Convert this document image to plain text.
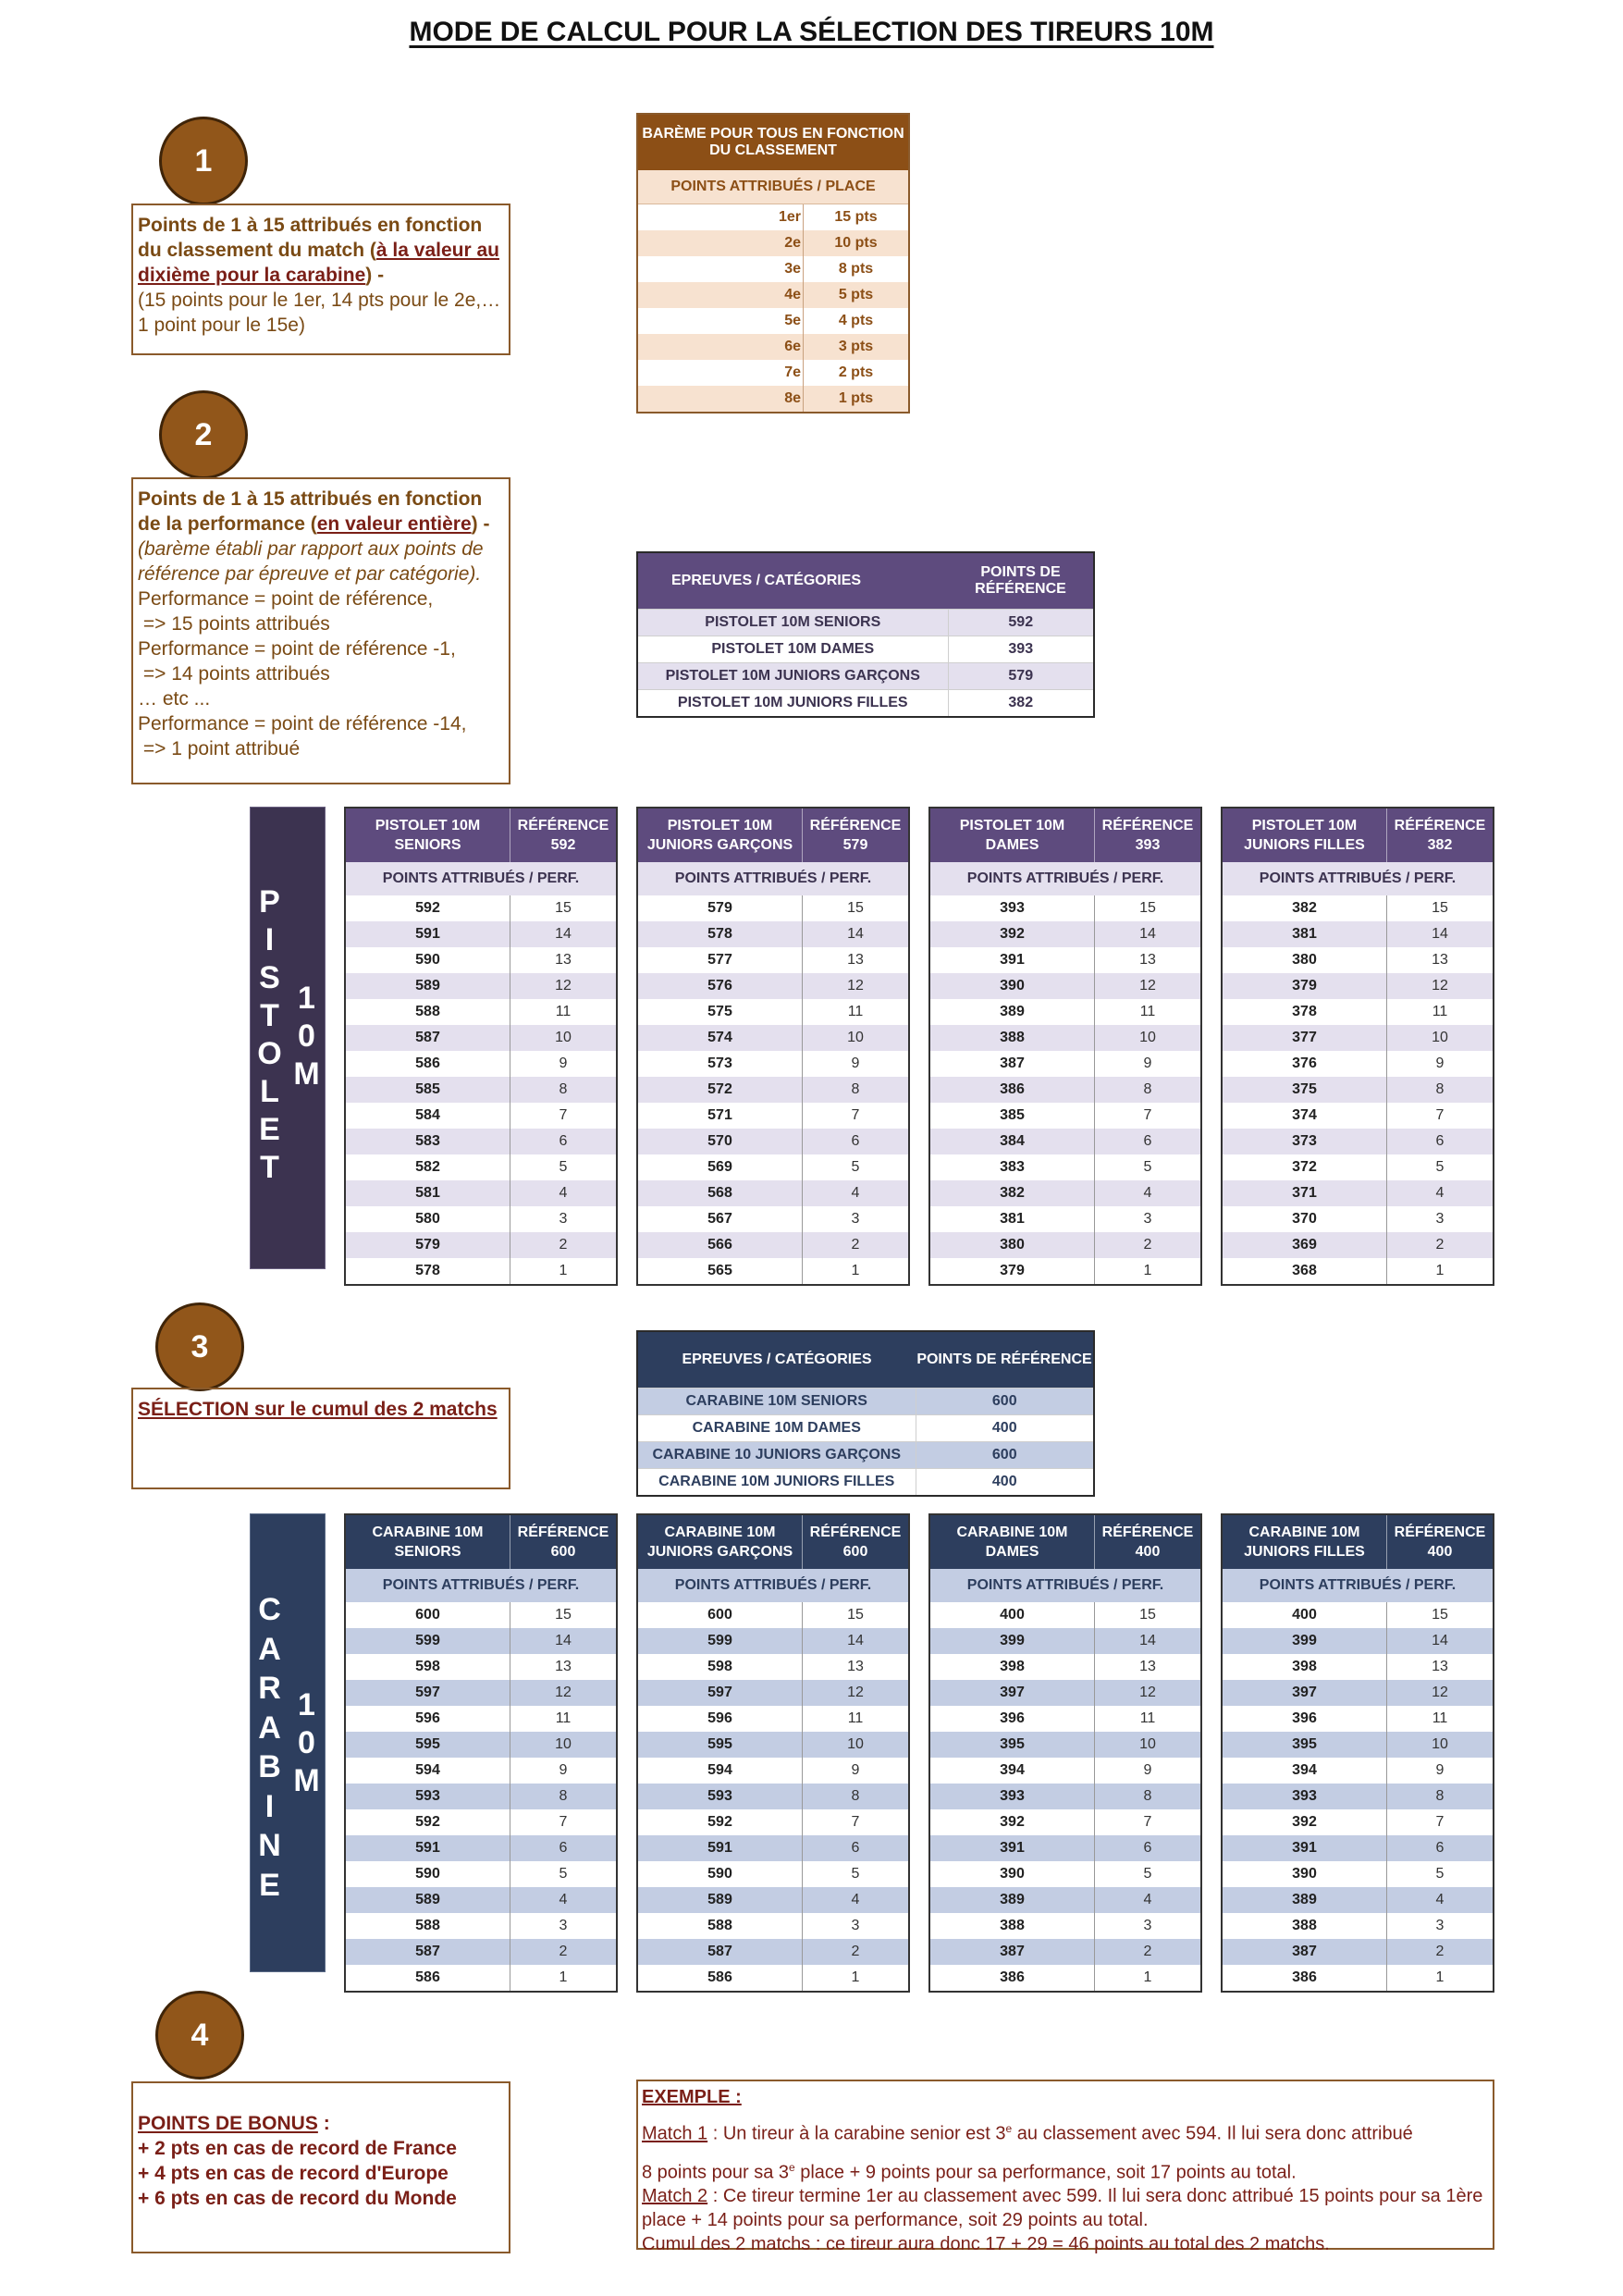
MODE DE CALCUL POUR LA SÉLECTION DES TIREURS 10M
1
2
3
4
Points de 1 à 15 attribués en fonction du classement du match (à la valeur au dixième pour la carabine) -
(15 points pour le 1er, 14 pts pour le 2e,… 1 point pour le 15e)
Points de 1 à 15 attribués en fonction de la performance (en valeur entière) -
(barème établi par rapport aux points de référence par épreuve et par catégorie).
Performance = point de référence,
=> 15 points attribués
Performance = point de référence -1,
=> 14 points attribués
… etc ...
Performance = point de référence -14,
=> 1 point attribué
SÉLECTION sur le cumul des 2 matchs
POINTS DE BONUS :
+ 2 pts en cas de record de France
+ 4 pts en cas de record d'Europe
+ 6 pts en cas de record du Monde
BARÈME POUR TOUS EN FONCTION DU CLASSEMENT	
POINTS ATTRIBUÉS / PLACE	
1er	15 pts
2e	10 pts
3e	8 pts
4e	5 pts
5e	4 pts
6e	3 pts
7e	2 pts
8e	1 pts
EPREUVES / CATÉGORIES	POINTS DE RÉFÉRENCE
PISTOLET 10M SENIORS	592
PISTOLET 10M DAMES	393
PISTOLET 10M JUNIORS GARÇONS	579
PISTOLET 10M JUNIORS FILLES	382
EPREUVES / CATÉGORIES	POINTS DE RÉFÉRENCE
CARABINE 10M SENIORS	600
CARABINE 10M DAMES	400
CARABINE 10 JUNIORS GARÇONS	600
CARABINE 10M JUNIORS FILLES	400
P
I
S
T
O
L
E
T
1
0
M
C
A
R
A
B
I
N
E
1
0
M
PISTOLET 10M SENIORS	RÉFÉRENCE 592
POINTS ATTRIBUÉS / PERF.	
592	15
591	14
590	13
589	12
588	11
587	10
586	9
585	8
584	7
583	6
582	5
581	4
580	3
579	2
578	1
PISTOLET 10M JUNIORS GARÇONS	RÉFÉRENCE 579
POINTS ATTRIBUÉS / PERF.	
579	15
578	14
577	13
576	12
575	11
574	10
573	9
572	8
571	7
570	6
569	5
568	4
567	3
566	2
565	1
PISTOLET 10M DAMES	RÉFÉRENCE 393
POINTS ATTRIBUÉS / PERF.	
393	15
392	14
391	13
390	12
389	11
388	10
387	9
386	8
385	7
384	6
383	5
382	4
381	3
380	2
379	1
PISTOLET 10M JUNIORS FILLES	RÉFÉRENCE 382
POINTS ATTRIBUÉS / PERF.	
382	15
381	14
380	13
379	12
378	11
377	10
376	9
375	8
374	7
373	6
372	5
371	4
370	3
369	2
368	1
CARABINE 10M SENIORS	RÉFÉRENCE 600
POINTS ATTRIBUÉS / PERF.	
600	15
599	14
598	13
597	12
596	11
595	10
594	9
593	8
592	7
591	6
590	5
589	4
588	3
587	2
586	1
CARABINE 10M JUNIORS GARÇONS	RÉFÉRENCE 600
POINTS ATTRIBUÉS / PERF.	
600	15
599	14
598	13
597	12
596	11
595	10
594	9
593	8
592	7
591	6
590	5
589	4
588	3
587	2
586	1
CARABINE 10M DAMES	RÉFÉRENCE 400
POINTS ATTRIBUÉS / PERF.	
400	15
399	14
398	13
397	12
396	11
395	10
394	9
393	8
392	7
391	6
390	5
389	4
388	3
387	2
386	1
CARABINE 10M JUNIORS FILLES	RÉFÉRENCE 400
POINTS ATTRIBUÉS / PERF.	
400	15
399	14
398	13
397	12
396	11
395	10
394	9
393	8
392	7
391	6
390	5
389	4
388	3
387	2
386	1
EXEMPLE :
Match 1 : Un tireur à la carabine senior est 3e au classement avec 594. Il lui sera donc attribué
8 points pour sa 3e place + 9 points pour sa performance, soit 17 points au total.
Match 2 : Ce tireur termine 1er au classement avec 599. Il lui sera donc attribué 15 points pour sa 1ère place + 14 points pour sa performance, soit 29 points au total.
Cumul des 2 matchs : ce tireur aura donc 17 + 29 = 46 points au total des 2 matchs.
